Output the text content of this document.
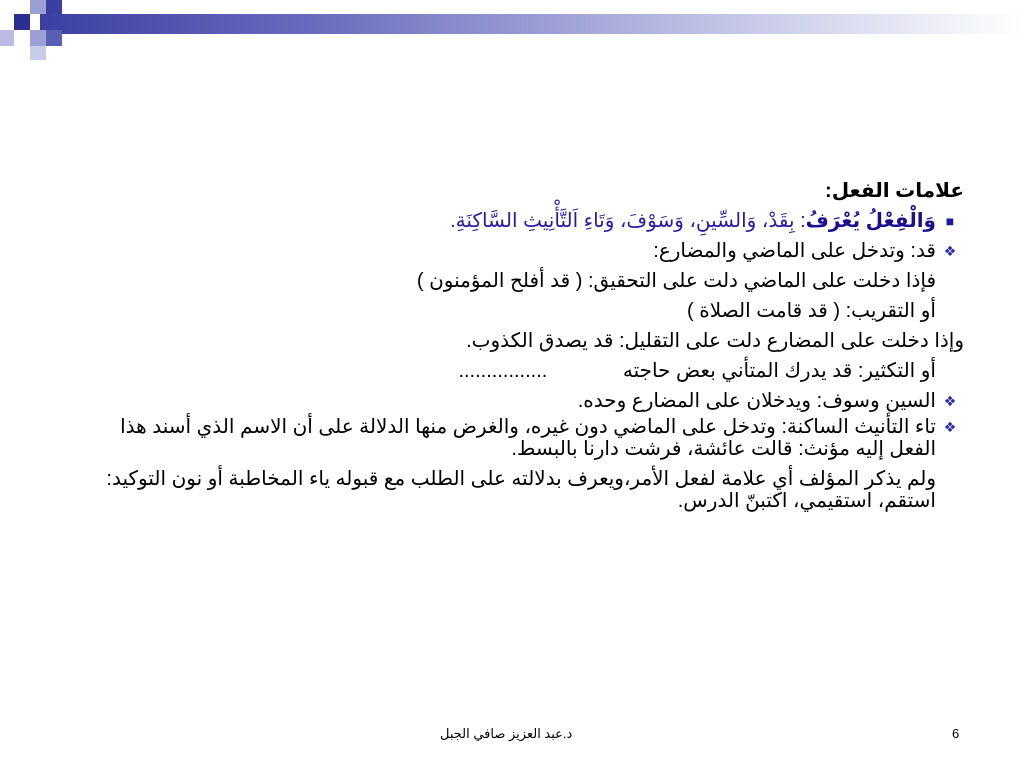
علامات الفعل:
■
وَالْفِعْلُ يُعْرَفُ: بِقَدْ، وَالسِّينِ، وَسَوْفَ، وَتَاءِ اَلتَّأْنِيثِ السَّاكِنَةِ.
❖
قد: وتدخل على الماضي والمضارع:
فإذا دخلت على الماضي دلت على التحقيق: ( قد أفلح المؤمنون )
أو التقريب: ( قد قامت الصلاة )
وإذا دخلت على المضارع دلت على التقليل: قد يصدق الكذوب.
أو التكثير: قد يدرك المتأني بعض حاجته ................
❖
السين وسوف: ويدخلان على المضارع وحده.
❖
تاء التأنيث الساكنة: وتدخل على الماضي دون غيره، والغرض منها الدلالة على أن الاسم الذي أسند هذا الفعل إليه مؤنث: قالت عائشة، فرشت دارنا بالبسط.
ولم يذكر المؤلف أي علامة لفعل الأمر،ويعرف بدلالته على الطلب مع قبوله ياء المخاطبة أو نون التوكيد: استقم، استقيمي، اكتبنّ الدرس.
د.عبد العزيز صافي الجبل	6
